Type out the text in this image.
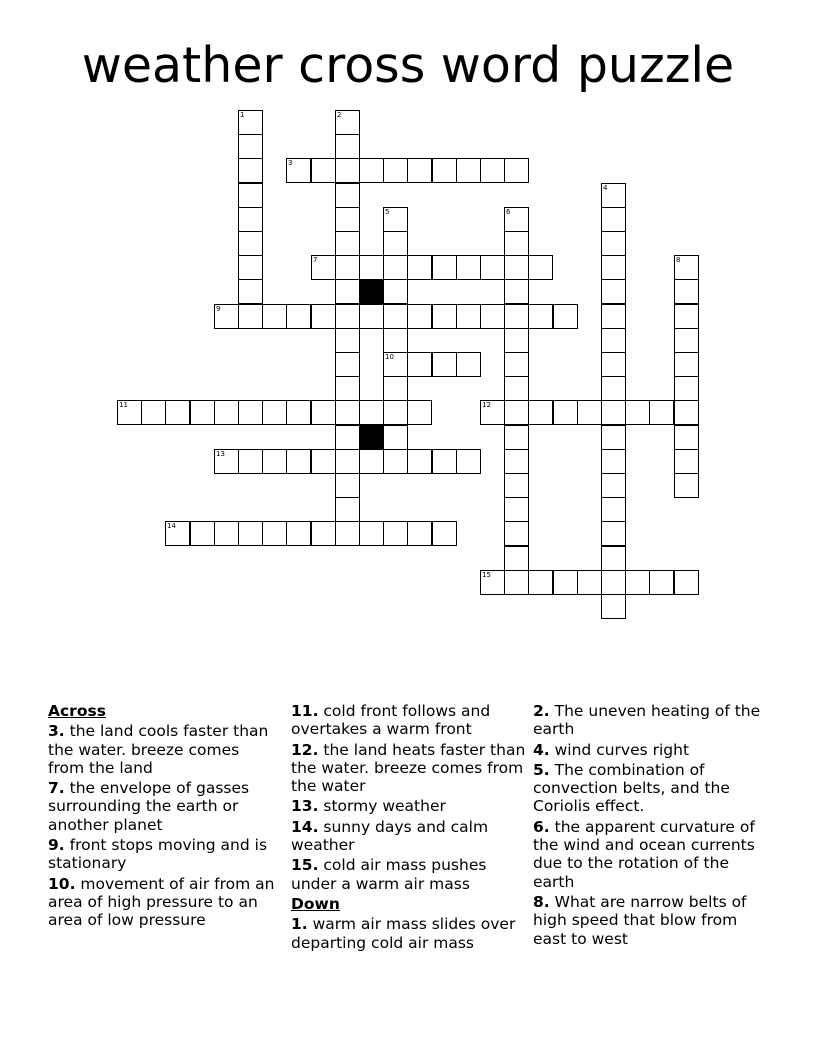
weather cross word puzzle
3
7
9
10
11	12
13
14
15
1	2
4
5	6
8
Across
3. the land cools faster than the water. breeze comes from the land
7. the envelope of gasses surrounding the earth or another planet
9. front stops moving and is stationary
10. movement of air from an area of high pressure to an area of low pressure
11. cold front follows and overtakes a warm front
12. the land heats faster than the water. breeze comes from the water
13. stormy weather
14. sunny days and calm weather
15. cold air mass pushes under a warm air mass
Down
1. warm air mass slides over departing cold air mass
2. The uneven heating of the earth
4. wind curves right
5. The combination of convection belts, and the Coriolis effect.
6. the apparent curvature of the wind and ocean currents due to the rotation of the earth
8. What are narrow belts of high speed that blow from east to west
